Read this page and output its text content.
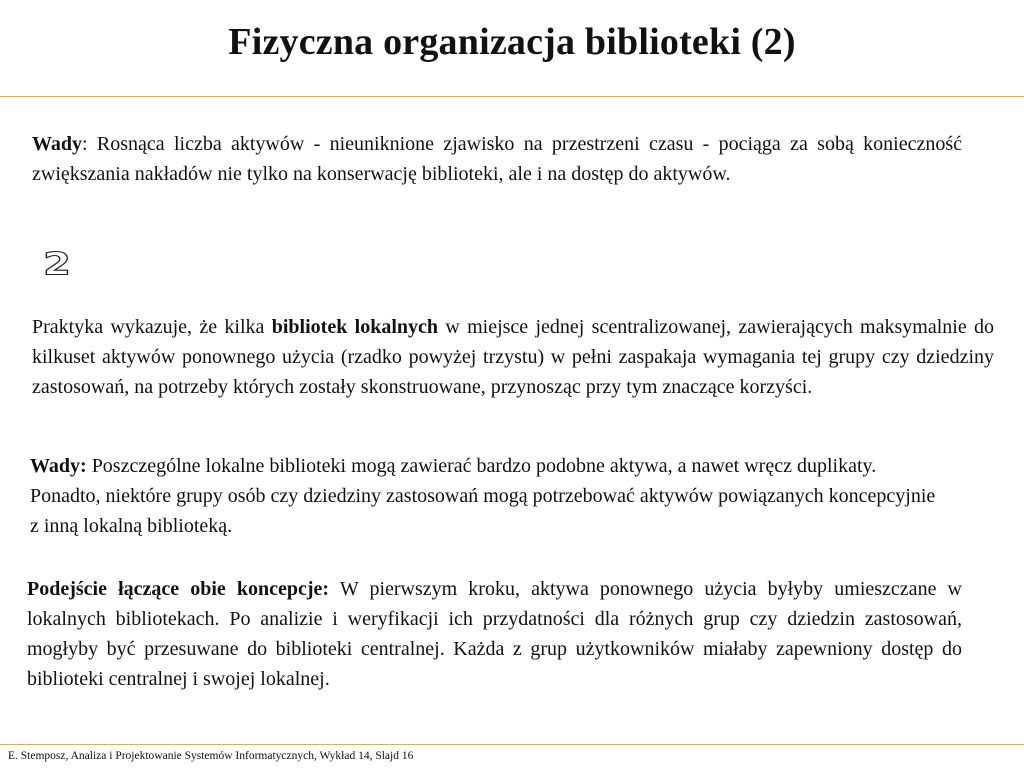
Fizyczna organizacja biblioteki (2)

Wady: Rosnąca liczba aktywów - nieuniknione zjawisko na przestrzeni czasu - pociąga za sobą konieczność zwiększania nakładów nie tylko na konserwację biblioteki, ale i na dostęp do aktywów.

2

Praktyka wykazuje, że kilka bibliotek lokalnych w miejsce jednej scentralizowanej, zawierających maksymalnie do kilkuset aktywów ponownego użycia (rzadko powyżej trzystu) w pełni zaspakaja wymagania tej grupy czy dziedziny zastosowań, na potrzeby których zostały skonstruowane, przynosząc przy tym znaczące korzyści.

Wady: Poszczególne lokalne biblioteki mogą zawierać bardzo podobne aktywa, a nawet wręcz duplikaty. Ponadto, niektóre grupy osób czy dziedziny zastosowań mogą potrzebować aktywów powiązanych koncepcyjnie z inną lokalną biblioteką.

Podejście łączące obie koncepcje: W pierwszym kroku, aktywa ponownego użycia byłyby umieszczane w lokalnych bibliotekach. Po analizie i weryfikacji ich przydatności dla różnych grup czy dziedzin zastosowań, mogłyby być przesuwane do biblioteki centralnej. Każda z grup użytkowników miałaby zapewniony dostęp do biblioteki centralnej i swojej lokalnej.

E. Stemposz, Analiza i Projektowanie Systemów Informatycznych, Wykład 14, Slajd 16
